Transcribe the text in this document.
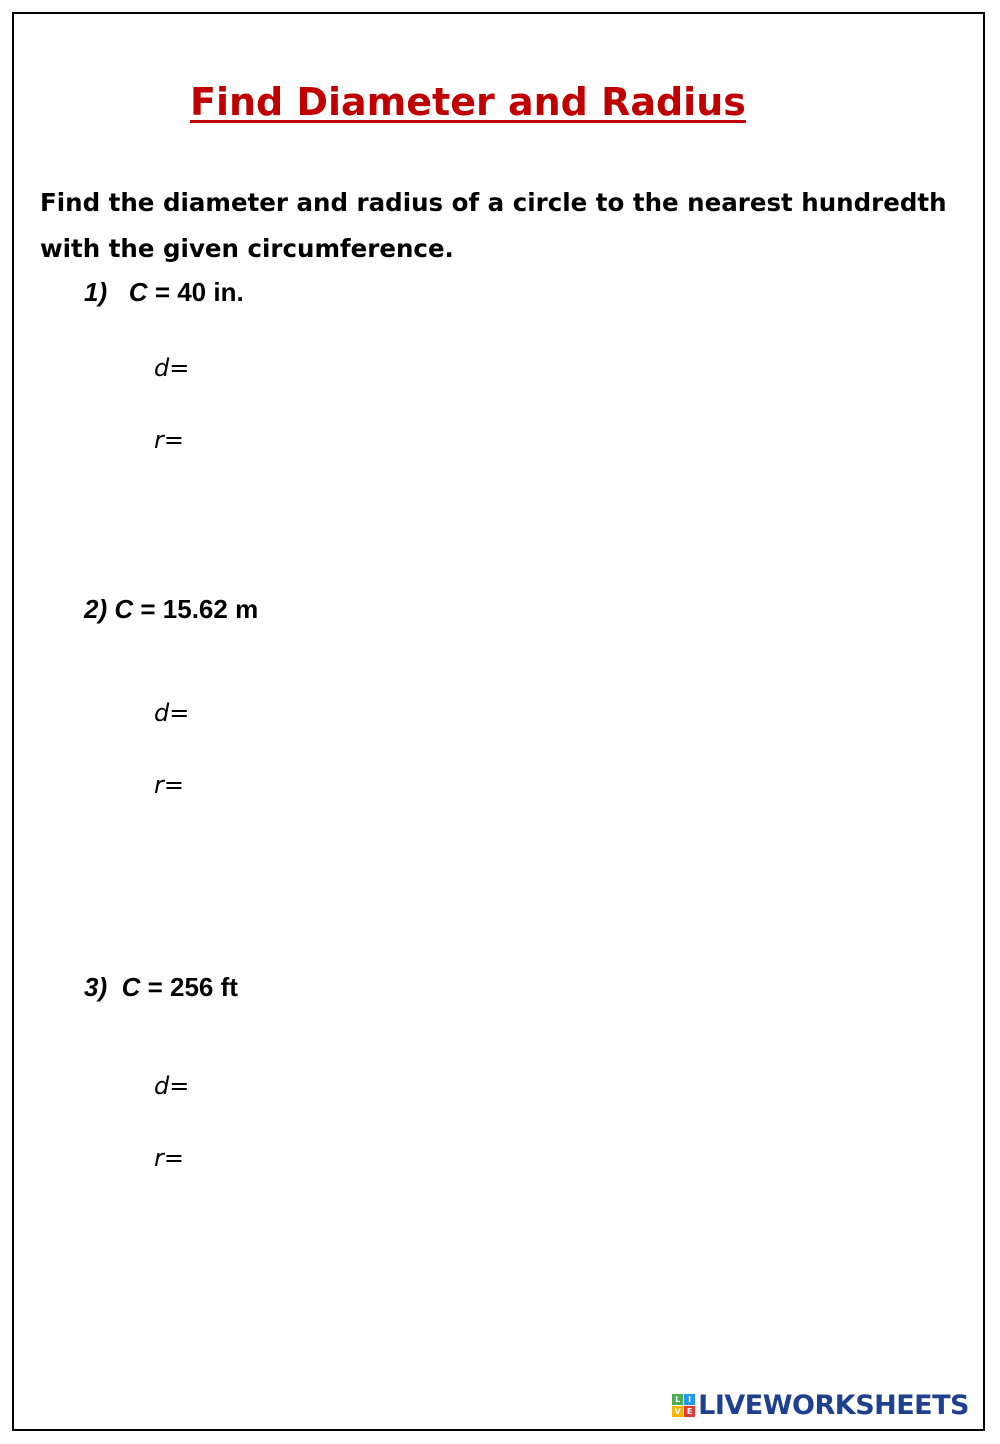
Find Diameter and Radius

Find the diameter and radius of a circle to the nearest hundredth with the given circumference.

1) C = 40 in.

d=

r=

2) C = 15.62 m

d=

r=

3) C = 256 ft

d=

r=

L I
V E LIVEWORKSHEETS
